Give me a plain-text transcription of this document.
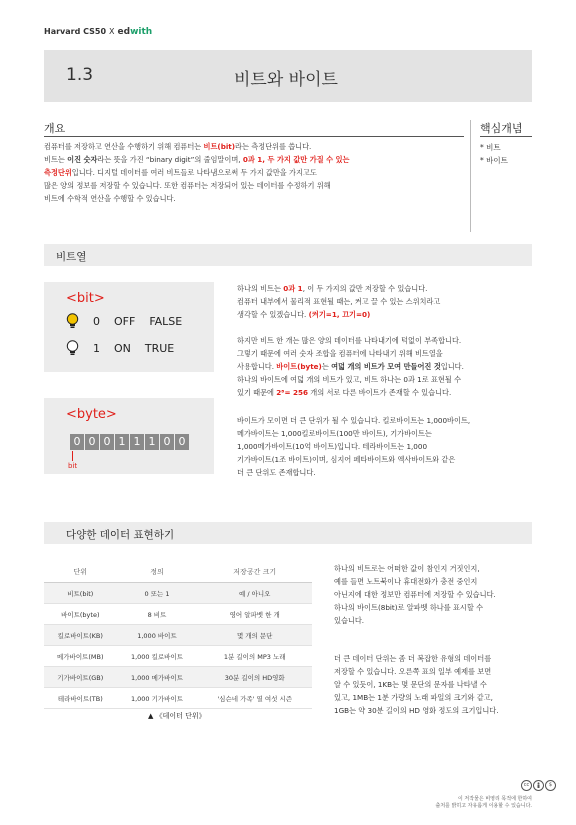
Harvard CS50 X edwith
1.3	비트와 바이트
개요
컴퓨터를 저장하고 연산을 수행하기 위해 컴퓨터는 비트(bit)라는 측정단위를 씁니다.
비트는 이진 숫자라는 뜻을 가진 “binary digit”의 줄임말이며, 0과 1, 두 가지 값만 가질 수 있는
측정단위입니다. 디지털 데이터를 여러 비트들로 나타냄으로써 두 가지 값만을 가지고도
많은 양의 정보를 저장할 수 있습니다. 또한 컴퓨터는 저장되어 있는 데이터를 수정하기 위해
비트에 수학적 연산을 수행할 수 있습니다.
핵심개념
* 비트
* 바이트
비트열
<bit>
0 OFF FALSE
1 ON TRUE
<byte>
0 0 0 1 1 1 0 0
bit
하나의 비트는 0과 1, 이 두 가지의 값만 저장할 수 있습니다.
컴퓨터 내부에서 물리적 표현될 때는, 켜고 끌 수 있는 스위치라고
생각할 수 있겠습니다. (켜기=1, 끄기=0)
하지만 비트 한 개는 많은 양의 데이터를 나타내기에 턱없이 부족합니다.
그렇기 때문에 여러 숫자 조합을 컴퓨터에 나타내기 위해 비트열을
사용합니다. 바이트(byte)는 여덟 개의 비트가 모여 만들어진 것입니다.
하나의 바이트에 여덟 개의 비트가 있고, 비트 하나는 0과 1로 표현될 수
있기 때문에 2⁸= 256 개의 서로 다른 바이트가 존재할 수 있습니다.
바이트가 모이면 더 큰 단위가 될 수 있습니다. 킬로바이트는 1,000바이트,
메가바이트는 1,000킬로바이트(100만 바이트), 기가바이트는
1,000메가바이트(10억 바이트)입니다. 테라바이트는 1,000
기가바이트(1조 바이트)이며, 심지어 페타바이트와 엑사바이트와 같은
더 큰 단위도 존재합니다.
다양한 데이터 표현하기
단위	정의	저장공간 크기
비트(bit)	0 또는 1	예 / 아니오
바이트(byte)	8 비트	영어 알파벳 한 개
킬로바이트(KB)	1,000 바이트	몇 개의 문단
메가바이트(MB)	1,000 킬로바이트	1분 길이의 MP3 노래
기가바이트(GB)	1,000 메가바이트	30분 길이의 HD영화
테라바이트(TB)	1,000 기가바이트	'심슨네 가족' 열 여섯 시즌
▲ 《데이터 단위》
하나의 비트로는 어떠한 값이 참인지 거짓인지,
예를 들면 노트북이나 휴대전화가 충전 중인지
아닌지에 대한 정보만 컴퓨터에 저장할 수 있습니다.
하나의 바이트(8bit)로 알파벳 하나를 표시할 수
있습니다.
더 큰 데이터 단위는 좀 더 복잡한 유형의 데이터를
저장할 수 있습니다. 오른쪽 표의 일부 예제를 보면
알 수 있듯이, 1KB는 몇 문단의 문자를 나타낼 수
있고, 1MB는 1분 가량의 노래 파일의 크기와 같고,
1GB는 약 30분 길이의 HD 영화 정도의 크기입니다.
cc	$
이 저작물은 비영리 목적에 한하여
출처를 밝히고 자유롭게 이용할 수 있습니다.
